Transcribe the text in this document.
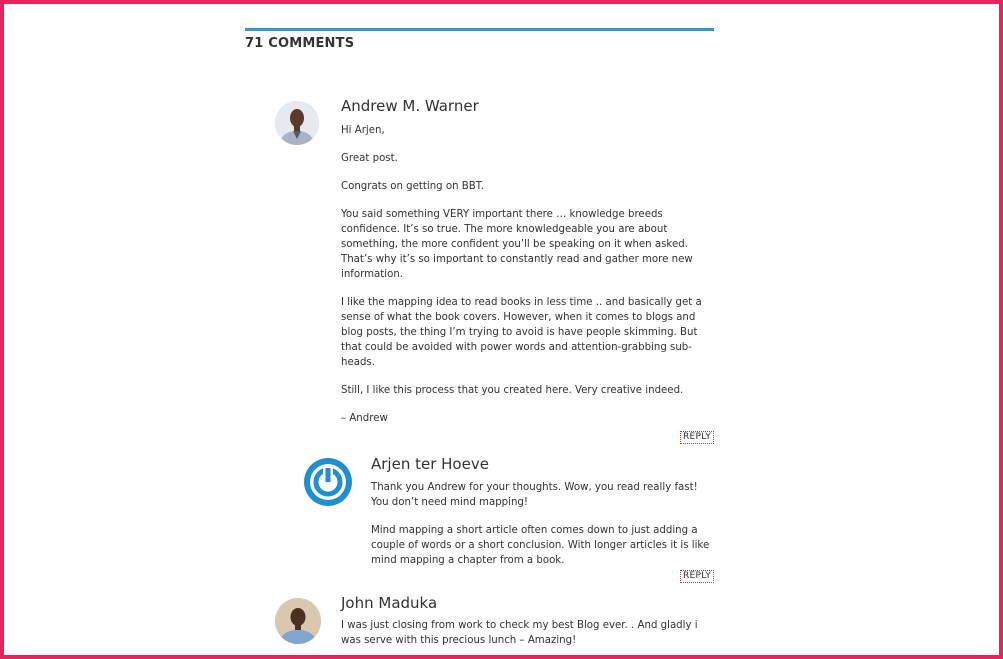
71 COMMENTS
Andrew M. Warner

Hi Arjen,

Great post.

Congrats on getting on BBT.

You said something VERY important there … knowledge breeds confidence. It’s so true. The more knowledgeable you are about something, the more confident you’ll be speaking on it when asked. That’s why it’s so important to constantly read and gather more new information.

I like the mapping idea to read books in less time .. and basically get a sense of what the book covers. However, when it comes to blogs and blog posts, the thing I’m trying to avoid is have people skimming. But that could be avoided with power words and attention-grabbing sub-heads.

Still, I like this process that you created here. Very creative indeed.

– Andrew

REPLY
Arjen ter Hoeve

Thank you Andrew for your thoughts. Wow, you read really fast! You don’t need mind mapping!

Mind mapping a short article often comes down to just adding a couple of words or a short conclusion. With longer articles it is like mind mapping a chapter from a book.

REPLY
John Maduka

I was just closing from work to check my best Blog ever. . And gladly i was serve with this precious lunch – Amazing!
